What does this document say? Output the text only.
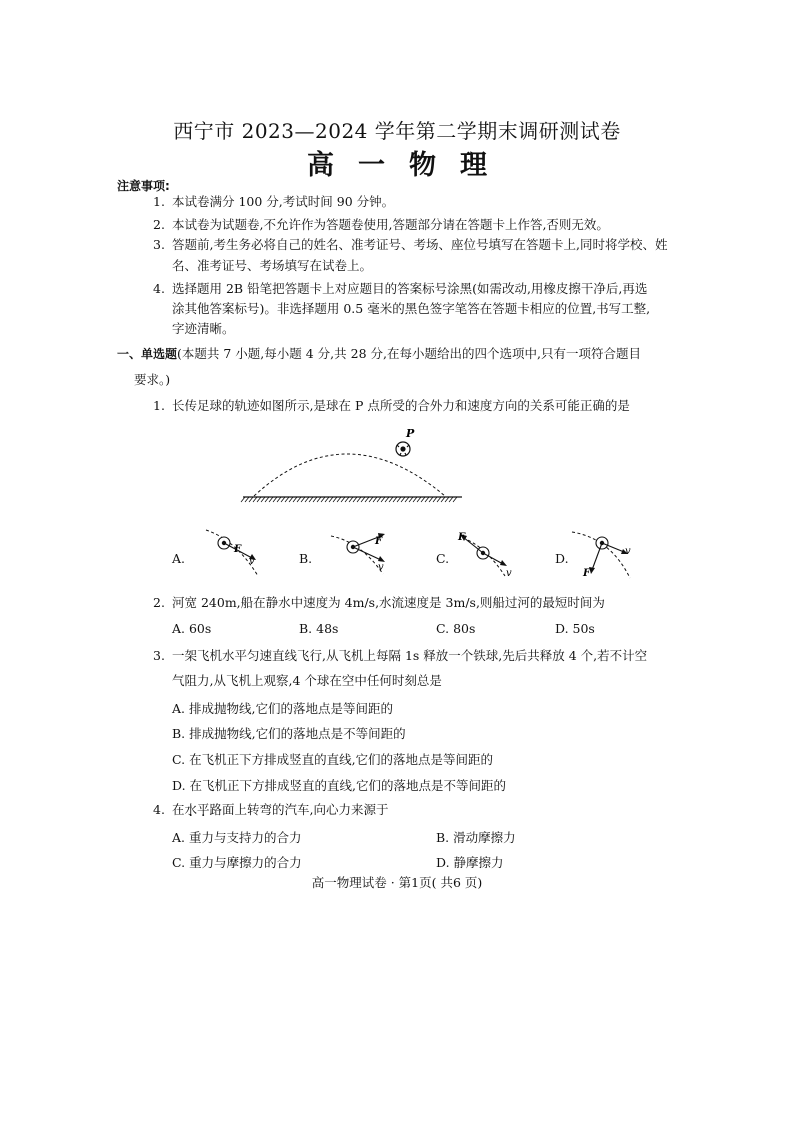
西宁市 2023—2024 学年第二学期末调研测试卷
高一物理
注意事项:
1. 本试卷满分 100 分,考试时间 90 分钟。
2. 本试卷为试题卷,不允许作为答题卷使用,答题部分请在答题卡上作答,否则无效。
3. 答题前,考生务必将自己的姓名、准考证号、考场、座位号填写在答题卡上,同时将学校、姓
名、准考证号、考场填写在试卷上。
4. 选择题用 2B 铅笔把答题卡上对应题目的答案标号涂黑(如需改动,用橡皮擦干净后,再选
涂其他答案标号)。非选择题用 0.5 毫米的黑色签字笔答在答题卡相应的位置,书写工整,
字迹清晰。
一、单选题(本题共 7 小题,每小题 4 分,共 28 分,在每小题给出的四个选项中,只有一项符合题目
要求。)
1. 长传足球的轨迹如图所示,是球在 P 点所受的合外力和速度方向的关系可能正确的是
P
A.
F
v	B.
F
v
C.
F
v
D.	v
F
2. 河宽 240m,船在静水中速度为 4m/s,水流速度是 3m/s,则船过河的最短时间为
A. 60s	B. 48s	C. 80s	D. 50s
3. 一架飞机水平匀速直线飞行,从飞机上每隔 1s 释放一个铁球,先后共释放 4 个,若不计空
气阻力,从飞机上观察,4 个球在空中任何时刻总是
A. 排成抛物线,它们的落地点是等间距的
B. 排成抛物线,它们的落地点是不等间距的
C. 在飞机正下方排成竖直的直线,它们的落地点是等间距的
D. 在飞机正下方排成竖直的直线,它们的落地点是不等间距的
4. 在水平路面上转弯的汽车,向心力来源于
A. 重力与支持力的合力	B. 滑动摩擦力
C. 重力与摩擦力的合力	D. 静摩擦力
高一物理试卷 · 第1页( 共6 页)
